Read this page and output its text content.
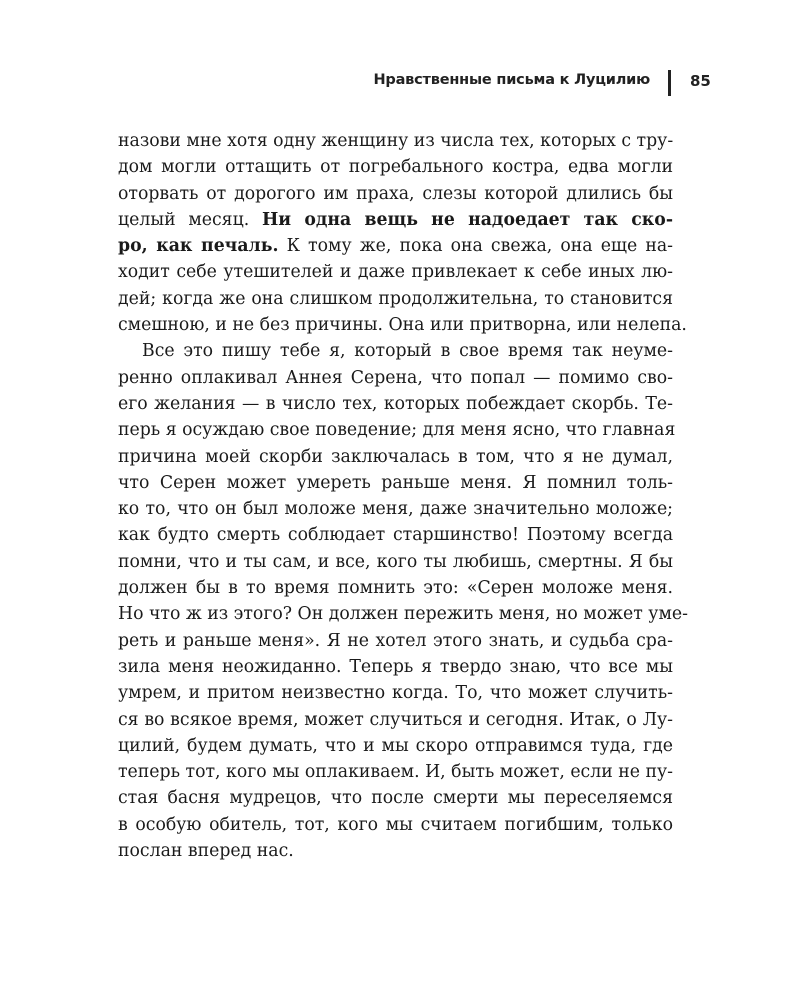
Нравственные письма к Луцилию	85
назови мне хотя одну женщину из числа тех, которых с тру-
дом могли оттащить от погребального костра, едва могли
оторвать от дорогого им праха, слезы которой длились бы
целый месяц. Ни одна вещь не надоедает так ско-
ро, как печаль. К тому же, пока она свежа, она еще на-
ходит себе утешителей и даже привлекает к себе иных лю-
дей; когда же она слишком продолжительна, то становится
смешною, и не без причины. Она или притворна, или нелепа.
Все это пишу тебе я, который в свое время так неуме-
ренно оплакивал Аннея Серена, что попал — помимо сво-
его желания — в число тех, которых побеждает скорбь. Те-
перь я осуждаю свое поведение; для меня ясно, что главная
причина моей скорби заключалась в том, что я не думал,
что Серен может умереть раньше меня. Я помнил толь-
ко то, что он был моложе меня, даже значительно моложе;
как будто смерть соблюдает старшинство! Поэтому всегда
помни, что и ты сам, и все, кого ты любишь, смертны. Я бы
должен бы в то время помнить это: «Серен моложе меня.
Но что ж из этого? Он должен пережить меня, но может уме-
реть и раньше меня». Я не хотел этого знать, и судьба сра-
зила меня неожиданно. Теперь я твердо знаю, что все мы
умрем, и притом неизвестно когда. То, что может случить-
ся во всякое время, может случиться и сегодня. Итак, о Лу-
цилий, будем думать, что и мы скоро отправимся туда, где
теперь тот, кого мы оплакиваем. И, быть может, если не пу-
стая басня мудрецов, что после смерти мы переселяемся
в особую обитель, тот, кого мы считаем погибшим, только
послан вперед нас.
